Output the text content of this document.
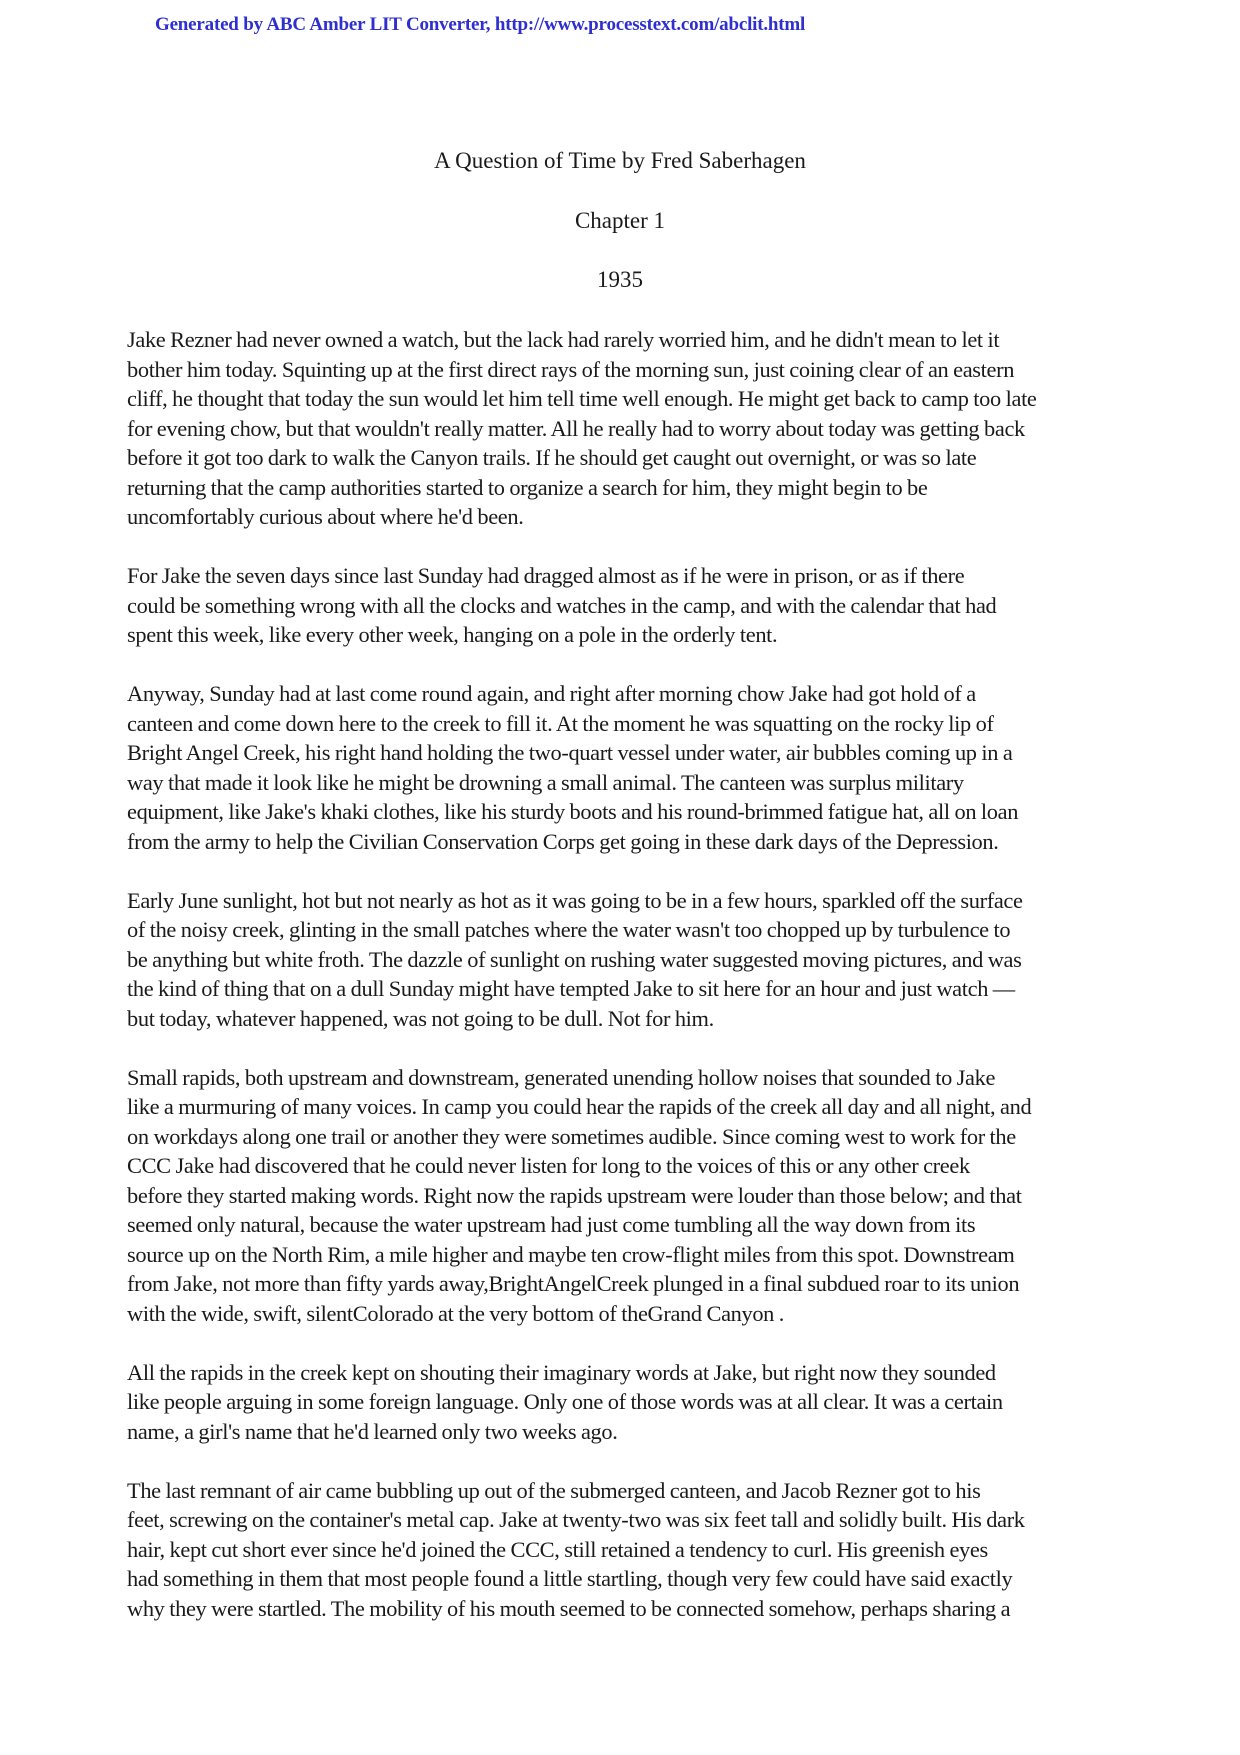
Generated by ABC Amber LIT Converter, http://www.processtext.com/abclit.html
A Question of Time by Fred Saberhagen
Chapter 1
1935
Jake Rezner had never owned a watch, but the lack had rarely worried him, and he didn't mean to let it
bother him today. Squinting up at the first direct rays of the morning sun, just coining clear of an eastern
cliff, he thought that today the sun would let him tell time well enough. He might get back to camp too late
for evening chow, but that wouldn't really matter. All he really had to worry about today was getting back
before it got too dark to walk the Canyon trails. If he should get caught out overnight, or was so late
returning that the camp authorities started to organize a search for him, they might begin to be
uncomfortably curious about where he'd been.
For Jake the seven days since last Sunday had dragged almost as if he were in prison, or as if there
could be something wrong with all the clocks and watches in the camp, and with the calendar that had
spent this week, like every other week, hanging on a pole in the orderly tent.
Anyway, Sunday had at last come round again, and right after morning chow Jake had got hold of a
canteen and come down here to the creek to fill it. At the moment he was squatting on the rocky lip of
Bright Angel Creek, his right hand holding the two-quart vessel under water, air bubbles coming up in a
way that made it look like he might be drowning a small animal. The canteen was surplus military
equipment, like Jake's khaki clothes, like his sturdy boots and his round-brimmed fatigue hat, all on loan
from the army to help the Civilian Conservation Corps get going in these dark days of the Depression.
Early June sunlight, hot but not nearly as hot as it was going to be in a few hours, sparkled off the surface
of the noisy creek, glinting in the small patches where the water wasn't too chopped up by turbulence to
be anything but white froth. The dazzle of sunlight on rushing water suggested moving pictures, and was
the kind of thing that on a dull Sunday might have tempted Jake to sit here for an hour and just watch —
but today, whatever happened, was not going to be dull. Not for him.
Small rapids, both upstream and downstream, generated unending hollow noises that sounded to Jake
like a murmuring of many voices. In camp you could hear the rapids of the creek all day and all night, and
on workdays along one trail or another they were sometimes audible. Since coming west to work for the
CCC Jake had discovered that he could never listen for long to the voices of this or any other creek
before they started making words. Right now the rapids upstream were louder than those below; and that
seemed only natural, because the water upstream had just come tumbling all the way down from its
source up on the North Rim, a mile higher and maybe ten crow-flight miles from this spot. Downstream
from Jake, not more than fifty yards away,BrightAngelCreek plunged in a final subdued roar to its union
with the wide, swift, silentColorado at the very bottom of theGrand Canyon .
All the rapids in the creek kept on shouting their imaginary words at Jake, but right now they sounded
like people arguing in some foreign language. Only one of those words was at all clear. It was a certain
name, a girl's name that he'd learned only two weeks ago.
The last remnant of air came bubbling up out of the submerged canteen, and Jacob Rezner got to his
feet, screwing on the container's metal cap. Jake at twenty-two was six feet tall and solidly built. His dark
hair, kept cut short ever since he'd joined the CCC, still retained a tendency to curl. His greenish eyes
had something in them that most people found a little startling, though very few could have said exactly
why they were startled. The mobility of his mouth seemed to be connected somehow, perhaps sharing a
